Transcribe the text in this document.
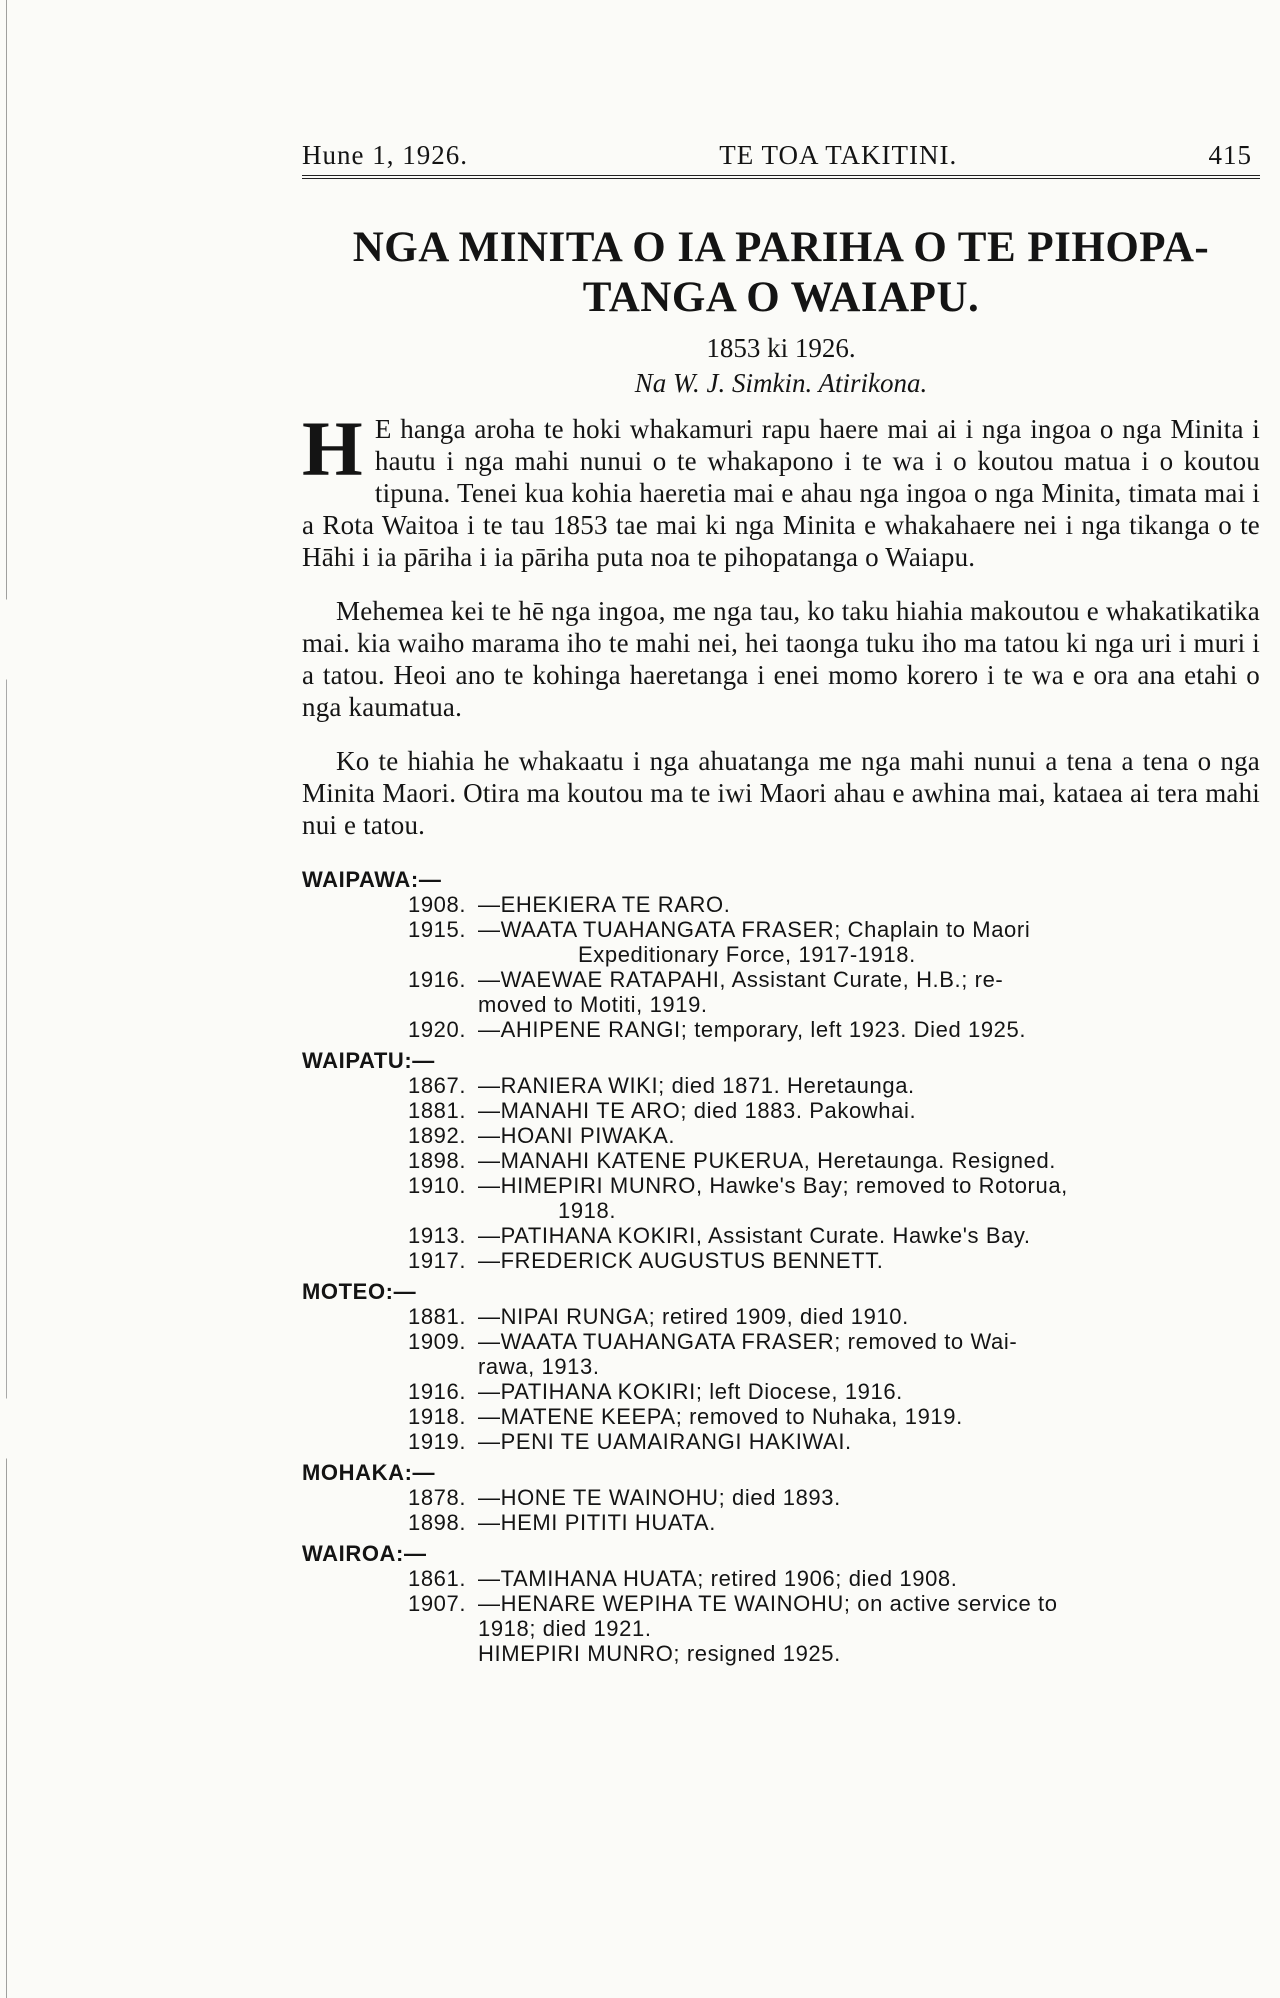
Hune 1, 1926.	TE TOA TAKITINI.	415
NGA MINITA O IA PARIHA O TE PIHOPA-
TANGA O WAIAPU.
1853 ki 1926.
Na W. J. Simkin. Atirikona.

H E hanga aroha te hoki whakamuri rapu haere mai ai i nga ingoa o nga Minita i hautu i nga mahi nunui o te whakapono i te wa i o koutou matua i o koutou tipuna. Tenei kua kohia haeretia mai e ahau nga ingoa o nga Minita, timata mai i a Rota Waitoa i te tau 1853 tae mai ki nga Minita e whakahaere nei i nga tikanga o te Hāhi i ia pāriha i ia pāriha puta noa te pihopatanga o Waiapu.

Mehemea kei te hē nga ingoa, me nga tau, ko taku hiahia makoutou e whakatikatika mai. kia waiho marama iho te mahi nei, hei taonga tuku iho ma tatou ki nga uri i muri i a tatou. Heoi ano te kohinga haeretanga i enei momo korero i te wa e ora ana etahi o nga kaumatua.

Ko te hiahia he whakaatu i nga ahuatanga me nga mahi nunui a tena a tena o nga Minita Maori. Otira ma koutou ma te iwi Maori ahau e awhina mai, kataea ai tera mahi nui e tatou.

WAIPAWA:—
1908. —EHEKIERA TE RARO.
1915. —WAATA TUAHANGATA FRASER; Chaplain to Maori
Expeditionary Force, 1917-1918.
1916. —WAEWAE RATAPAHI, Assistant Curate, H.B.; re-
moved to Motiti, 1919.
1920. —AHIPENE RANGI; temporary, left 1923. Died 1925.
WAIPATU:—
1867. —RANIERA WIKI; died 1871. Heretaunga.
1881. —MANAHI TE ARO; died 1883. Pakowhai.
1892. —HOANI PIWAKA.
1898. —MANAHI KATENE PUKERUA, Heretaunga. Resigned.
1910. —HIMEPIRI MUNRO, Hawke's Bay; removed to Rotorua,
1918.
1913. —PATIHANA KOKIRI, Assistant Curate. Hawke's Bay.
1917. —FREDERICK AUGUSTUS BENNETT.
MOTEO:—
1881. —NIPAI RUNGA; retired 1909, died 1910.
1909. —WAATA TUAHANGATA FRASER; removed to Wai-
rawa, 1913.
1916. —PATIHANA KOKIRI; left Diocese, 1916.
1918. —MATENE KEEPA; removed to Nuhaka, 1919.
1919. —PENI TE UAMAIRANGI HAKIWAI.
MOHAKA:—
1878. —HONE TE WAINOHU; died 1893.
1898. —HEMI PITITI HUATA.
WAIROA:—
1861. —TAMIHANA HUATA; retired 1906; died 1908.
1907. —HENARE WEPIHA TE WAINOHU; on active service to
1918; died 1921.
HIMEPIRI MUNRO; resigned 1925.
